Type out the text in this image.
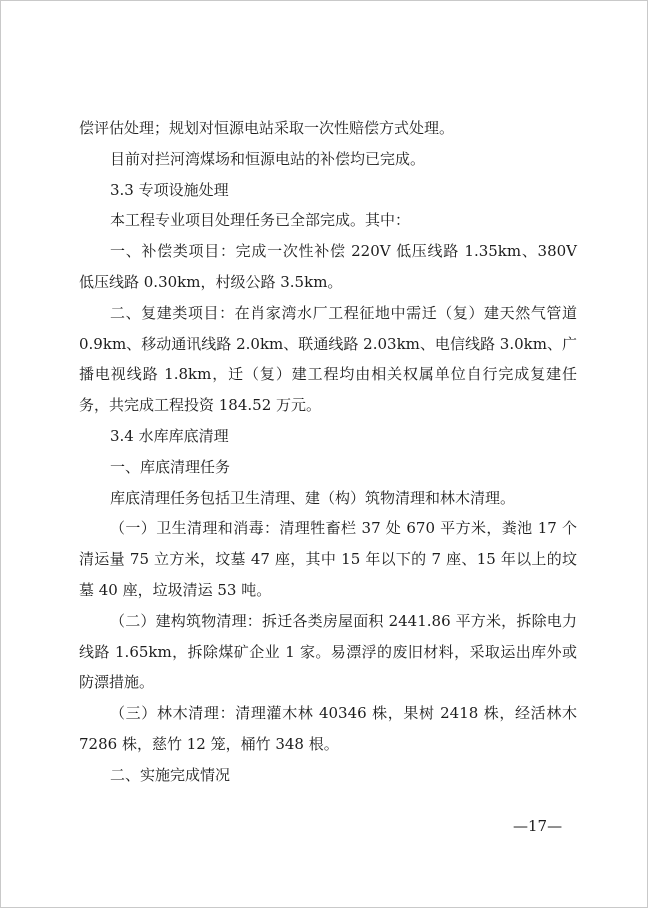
偿评估处理；规划对恒源电站采取一次性赔偿方式处理。

目前对拦河湾煤场和恒源电站的补偿均已完成。

3.3 专项设施处理

本工程专业项目处理任务已全部完成。其中：

一、补偿类项目：完成一次性补偿 220V 低压线路 1.35km、380V 低压线路 0.30km，村级公路 3.5km。

二、复建类项目：在肖家湾水厂工程征地中需迁（复）建天然气管道 0.9km、移动通讯线路 2.0km、联通线路 2.03km、电信线路 3.0km、广播电视线路 1.8km，迁（复）建工程均由相关权属单位自行完成复建任务，共完成工程投资 184.52 万元。

3.4 水库库底清理

一、库底清理任务

库底清理任务包括卫生清理、建（构）筑物清理和林木清理。

（一）卫生清理和消毒：清理牲畜栏 37 处 670 平方米，粪池 17 个清运量 75 立方米，坟墓 47 座，其中 15 年以下的 7 座、15 年以上的坟墓 40 座，垃圾清运 53 吨。

（二）建构筑物清理：拆迁各类房屋面积 2441.86 平方米，拆除电力线路 1.65km，拆除煤矿企业 1 家。易漂浮的废旧材料，采取运出库外或防漂措施。

（三）林木清理：清理灌木林 40346 株，果树 2418 株，经活林木 7286 株，慈竹 12 笼，桶竹 348 根。

二、实施完成情况

—17—
